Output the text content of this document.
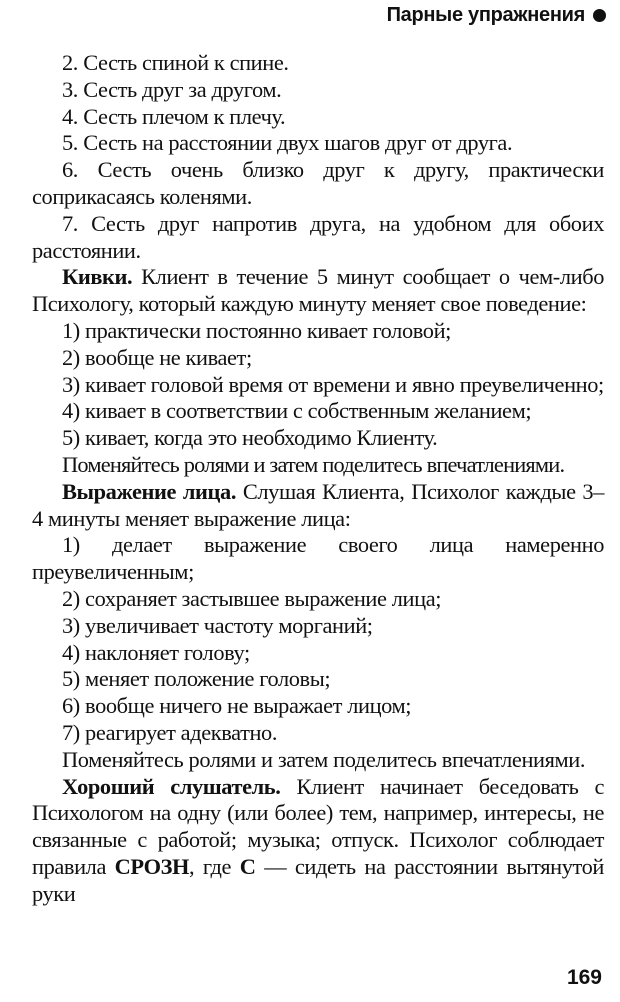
Парные упражнения

2. Сесть спиной к спине.

3. Сесть друг за другом.

4. Сесть плечом к плечу.

5. Сесть на расстоянии двух шагов друг от друга.

6. Сесть очень близко друг к другу, практически соприкасаясь коленями.

7. Сесть друг напротив друга, на удобном для обоих расстоянии.

Кивки. Клиент в течение 5 минут сообщает о чем-либо Психологу, который каждую минуту меняет свое поведение:

1) практически постоянно кивает головой;

2) вообще не кивает;

3) кивает головой время от времени и явно преувеличенно;

4) кивает в соответствии с собственным желанием;

5) кивает, когда это необходимо Клиенту.

Поменяйтесь ролями и затем поделитесь впечатлениями.

Выражение лица. Слушая Клиента, Психолог каждые 3–4 минуты меняет выражение лица:

1) делает выражение своего лица намеренно преувеличенным;

2) сохраняет застывшее выражение лица;

3) увеличивает частоту морганий;

4) наклоняет голову;

5) меняет положение головы;

6) вообще ничего не выражает лицом;

7) реагирует адекватно.

Поменяйтесь ролями и затем поделитесь впечатлениями.

Хороший слушатель. Клиент начинает беседовать с Психологом на одну (или более) тем, например, интересы, не связанные с работой; музыка; отпуск. Психолог соблюдает правила СРОЗН, где С — сидеть на расстоянии вытянутой руки

169
